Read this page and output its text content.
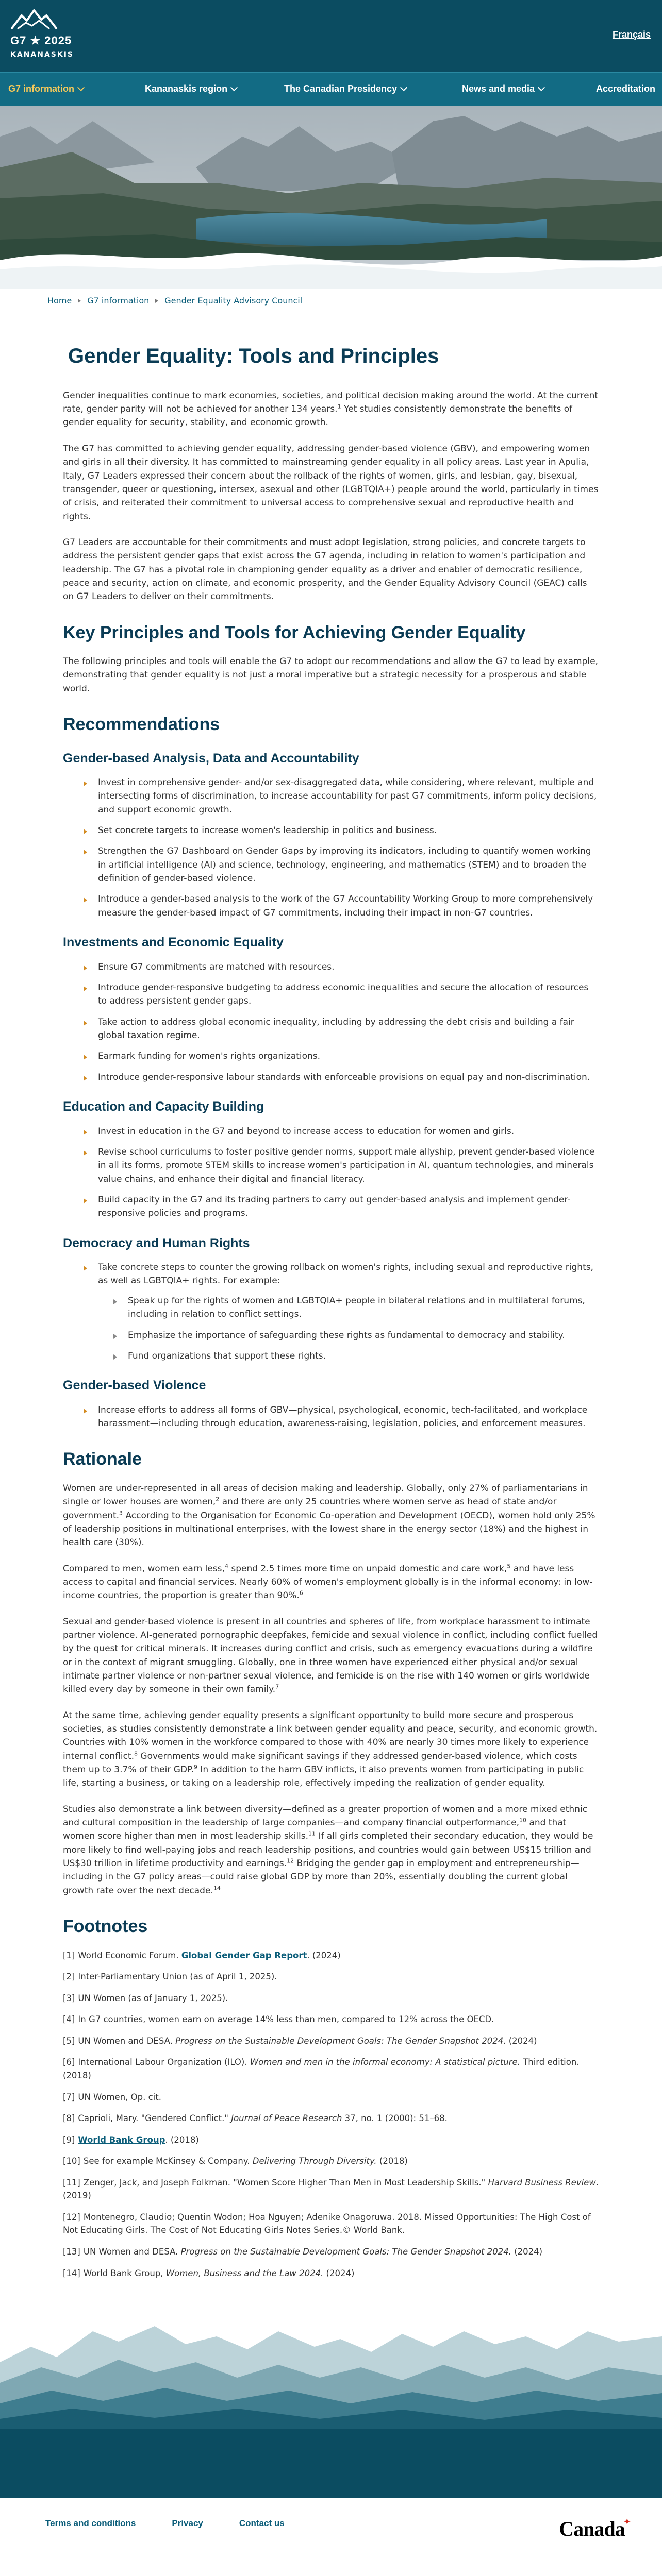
G7 ★ 2025
KANANASKIS
Français
G7 information	Kananaskis region	The Canadian Presidency	News and media	Accreditation
Home G7 information Gender Equality Advisory Council
Gender Equality: Tools and Principles

Gender inequalities continue to mark economies, societies, and political decision making around the world. At the current rate, gender parity will not be achieved for another 134 years.$^1$ Yet studies consistently demonstrate the benefits of gender equality for security, stability, and economic growth.

The G7 has committed to achieving gender equality, addressing gender-based violence (GBV), and empowering women and girls in all their diversity. It has committed to mainstreaming gender equality in all policy areas. Last year in Apulia, Italy, G7 Leaders expressed their concern about the rollback of the rights of women, girls, and lesbian, gay, bisexual, transgender, queer or questioning, intersex, asexual and other (LGBTQIA+) people around the world, particularly in times of crisis, and reiterated their commitment to universal access to comprehensive sexual and reproductive health and rights.

G7 Leaders are accountable for their commitments and must adopt legislation, strong policies, and concrete targets to address the persistent gender gaps that exist across the G7 agenda, including in relation to women's participation and leadership. The G7 has a pivotal role in championing gender equality as a driver and enabler of democratic resilience, peace and security, action on climate, and economic prosperity, and the Gender Equality Advisory Council (GEAC) calls on G7 Leaders to deliver on their commitments.

Key Principles and Tools for Achieving Gender Equality

The following principles and tools will enable the G7 to adopt our recommendations and allow the G7 to lead by example, demonstrating that gender equality is not just a moral imperative but a strategic necessity for a prosperous and stable world.

Recommendations
Gender-based Analysis, Data and Accountability
Invest in comprehensive gender- and/or sex-disaggregated data, while considering, where relevant, multiple and intersecting forms of discrimination, to increase accountability for past G7 commitments, inform policy decisions, and support economic growth.
Set concrete targets to increase women's leadership in politics and business.
Strengthen the G7 Dashboard on Gender Gaps by improving its indicators, including to quantify women working in artificial intelligence (AI) and science, technology, engineering, and mathematics (STEM) and to broaden the definition of gender-based violence.
Introduce a gender-based analysis to the work of the G7 Accountability Working Group to more comprehensively measure the gender-based impact of G7 commitments, including their impact in non-G7 countries.
Investments and Economic Equality
Ensure G7 commitments are matched with resources.
Introduce gender-responsive budgeting to address economic inequalities and secure the allocation of resources to address persistent gender gaps.
Take action to address global economic inequality, including by addressing the debt crisis and building a fair global taxation regime.
Earmark funding for women's rights organizations.
Introduce gender-responsive labour standards with enforceable provisions on equal pay and non-discrimination.
Education and Capacity Building
Invest in education in the G7 and beyond to increase access to education for women and girls.
Revise school curriculums to foster positive gender norms, support male allyship, prevent gender-based violence in all its forms, promote STEM skills to increase women's participation in AI, quantum technologies, and minerals value chains, and enhance their digital and financial literacy.
Build capacity in the G7 and its trading partners to carry out gender-based analysis and implement gender-responsive policies and programs.
Democracy and Human Rights
Take concrete steps to counter the growing rollback on women's rights, including sexual and reproductive rights, as well as LGBTQIA+ rights. For example:
Speak up for the rights of women and LGBTQIA+ people in bilateral relations and in multilateral forums, including in relation to conflict settings.
Emphasize the importance of safeguarding these rights as fundamental to democracy and stability.
Fund organizations that support these rights.
Gender-based Violence
Increase efforts to address all forms of GBV—physical, psychological, economic, tech-facilitated, and workplace harassment—including through education, awareness-raising, legislation, policies, and enforcement measures.
Rationale

Women are under-represented in all areas of decision making and leadership. Globally, only 27% of parliamentarians in single or lower houses are women,$^2$ and there are only 25 countries where women serve as head of state and/or government.$^3$ According to the Organisation for Economic Co-operation and Development (OECD), women hold only 25% of leadership positions in multinational enterprises, with the lowest share in the energy sector (18%) and the highest in health care (30%).

Compared to men, women earn less,$^4$ spend 2.5 times more time on unpaid domestic and care work,$^5$ and have less access to capital and financial services. Nearly 60% of women's employment globally is in the informal economy: in low-income countries, the proportion is greater than 90%.$^6$

Sexual and gender-based violence is present in all countries and spheres of life, from workplace harassment to intimate partner violence. AI-generated pornographic deepfakes, femicide and sexual violence in conflict, including conflict fuelled by the quest for critical minerals. It increases during conflict and crisis, such as emergency evacuations during a wildfire or in the context of migrant smuggling. Globally, one in three women have experienced either physical and/or sexual intimate partner violence or non-partner sexual violence, and femicide is on the rise with 140 women or girls worldwide killed every day by someone in their own family.$^7$

At the same time, achieving gender equality presents a significant opportunity to build more secure and prosperous societies, as studies consistently demonstrate a link between gender equality and peace, security, and economic growth. Countries with 10% women in the workforce compared to those with 40% are nearly 30 times more likely to experience internal conflict.$^8$ Governments would make significant savings if they addressed gender-based violence, which costs them up to 3.7% of their GDP.$^9$ In addition to the harm GBV inflicts, it also prevents women from participating in public life, starting a business, or taking on a leadership role, effectively impeding the realization of gender equality.

Studies also demonstrate a link between diversity—defined as a greater proportion of women and a more mixed ethnic and cultural composition in the leadership of large companies—and company financial outperformance,$^{10}$ and that women score higher than men in most leadership skills.$^{11}$ If all girls completed their secondary education, they would be more likely to find well-paying jobs and reach leadership positions, and countries would gain between US$15 trillion and US$30 trillion in lifetime productivity and earnings.$^{12}$ Bridging the gender gap in employment and entrepreneurship—including in the G7 policy areas—could raise global GDP by more than 20%, essentially doubling the current global growth rate over the next decade.$^{14}$

Footnotes

[1] World Economic Forum. Global Gender Gap Report. (2024)

[2] Inter-Parliamentary Union (as of April 1, 2025).

[3] UN Women (as of January 1, 2025).

[4] In G7 countries, women earn on average 14% less than men, compared to 12% across the OECD.

[5] UN Women and DESA. Progress on the Sustainable Development Goals: The Gender Snapshot 2024. (2024)

[6] International Labour Organization (ILO). Women and men in the informal economy: A statistical picture. Third edition. (2018)

[7] UN Women, Op. cit.

[8] Caprioli, Mary. "Gendered Conflict." Journal of Peace Research 37, no. 1 (2000): 51–68.

[9] World Bank Group. (2018)

[10] See for example McKinsey & Company. Delivering Through Diversity. (2018)

[11] Zenger, Jack, and Joseph Folkman. "Women Score Higher Than Men in Most Leadership Skills." Harvard Business Review. (2019)

[12] Montenegro, Claudio; Quentin Wodon; Hoa Nguyen; Adenike Onagoruwa. 2018. Missed Opportunities: The High Cost of Not Educating Girls. The Cost of Not Educating Girls Notes Series.© World Bank.

[13] UN Women and DESA. Progress on the Sustainable Development Goals: The Gender Snapshot 2024. (2024)

[14] World Bank Group, Women, Business and the Law 2024. (2024)

Terms and conditions	Privacy	Contact us	Canada✦
